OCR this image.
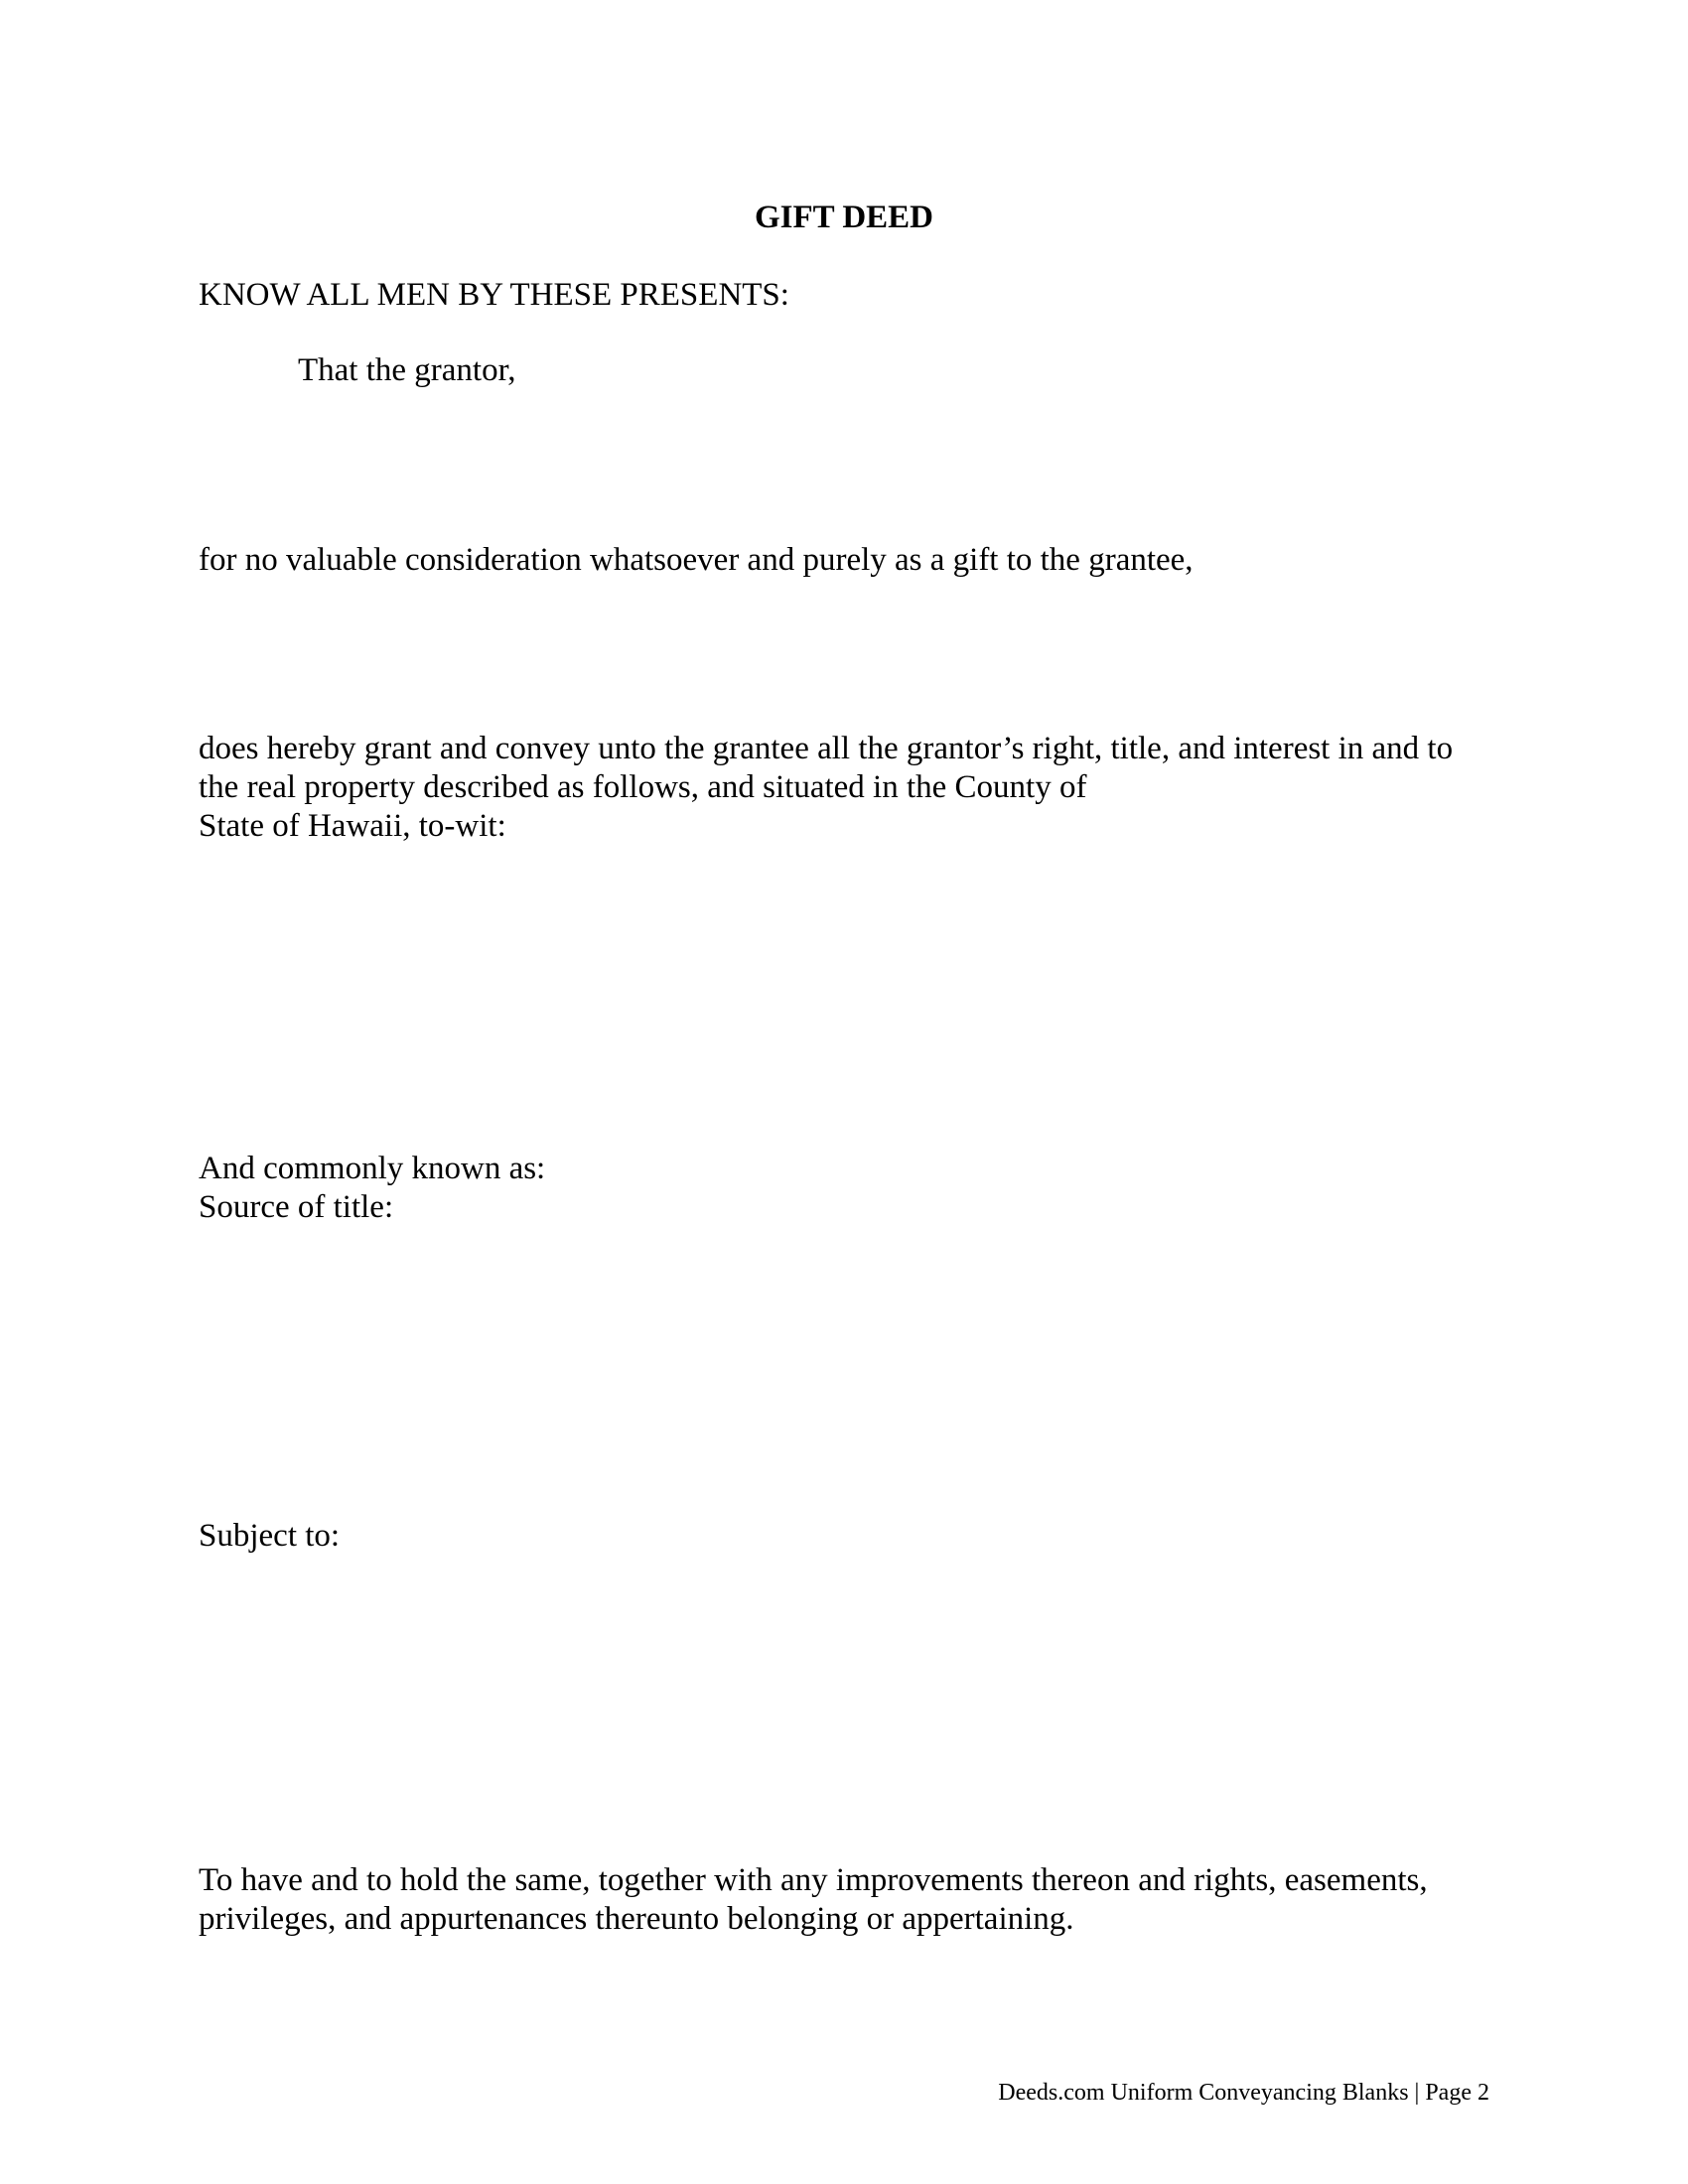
GIFT DEED

KNOW ALL MEN BY THESE PRESENTS:

That the grantor,

for no valuable consideration whatsoever and purely as a gift to the grantee,

does hereby grant and convey unto the grantee all the grantor’s right, title, and interest in and to

the real property described as follows, and situated in the County of

State of Hawaii, to-wit:

And commonly known as:

Source of title:

Subject to:

To have and to hold the same, together with any improvements thereon and rights, easements,

privileges, and appurtenances thereunto belonging or appertaining.

Deeds.com Uniform Conveyancing Blanks | Page 2
